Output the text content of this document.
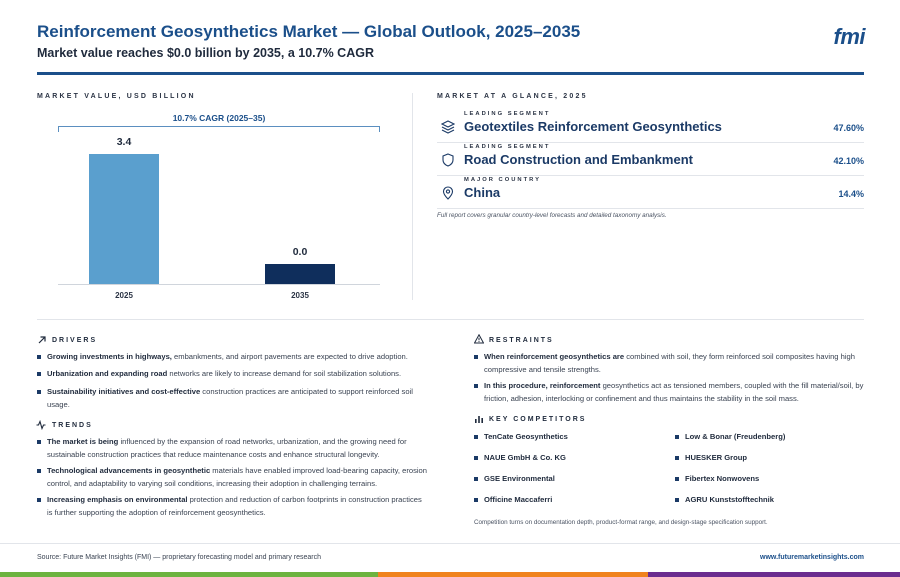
Reinforcement Geosynthetics Market — Global Outlook, 2025–2035
Market value reaches $0.0 billion by 2035, a 10.7% CAGR
fmi
MARKET VALUE, USD BILLION
10.7% CAGR (2025–35)
3.4
2025
0.0
2035
MARKET AT A GLANCE, 2025
LEADING SEGMENT
Geotextiles Reinforcement Geosynthetics	47.60%
LEADING SEGMENT
Road Construction and Embankment	42.10%
MAJOR COUNTRY
China	14.4%
Full report covers granular country-level forecasts and detailed taxonomy analysis.
DRIVERS
Growing investments in highways, embankments, and airport pavements are expected to drive adoption.
Urbanization and expanding road networks are likely to increase demand for soil stabilization solutions.
Sustainability initiatives and cost-effective construction practices are anticipated to support reinforced soil usage.
TRENDS
The market is being influenced by the expansion of road networks, urbanization, and the growing need for sustainable construction practices that reduce maintenance costs and enhance structural longevity.
Technological advancements in geosynthetic materials have enabled improved load-bearing capacity, erosion control, and adaptability to varying soil conditions, increasing their adoption in challenging terrains.
Increasing emphasis on environmental protection and reduction of carbon footprints in construction practices is further supporting the adoption of reinforcement geosynthetics.
RESTRAINTS
When reinforcement geosynthetics are combined with soil, they form reinforced soil composites having high compressive and tensile strengths.
In this procedure, reinforcement geosynthetics act as tensioned members, coupled with the fill material/soil, by friction, adhesion, interlocking or confinement and thus maintains the stability in the soil mass.
KEY COMPETITORS
TenCate Geosynthetics	Low & Bonar (Freudenberg)
NAUE GmbH & Co. KG	HUESKER Group
GSE Environmental	Fibertex Nonwovens
Officine Maccaferri	AGRU Kunststofftechnik
Competition turns on documentation depth, product-format range, and design-stage specification support.
Source: Future Market Insights (FMI) — proprietary forecasting model and primary research	www.futuremarketinsights.com
